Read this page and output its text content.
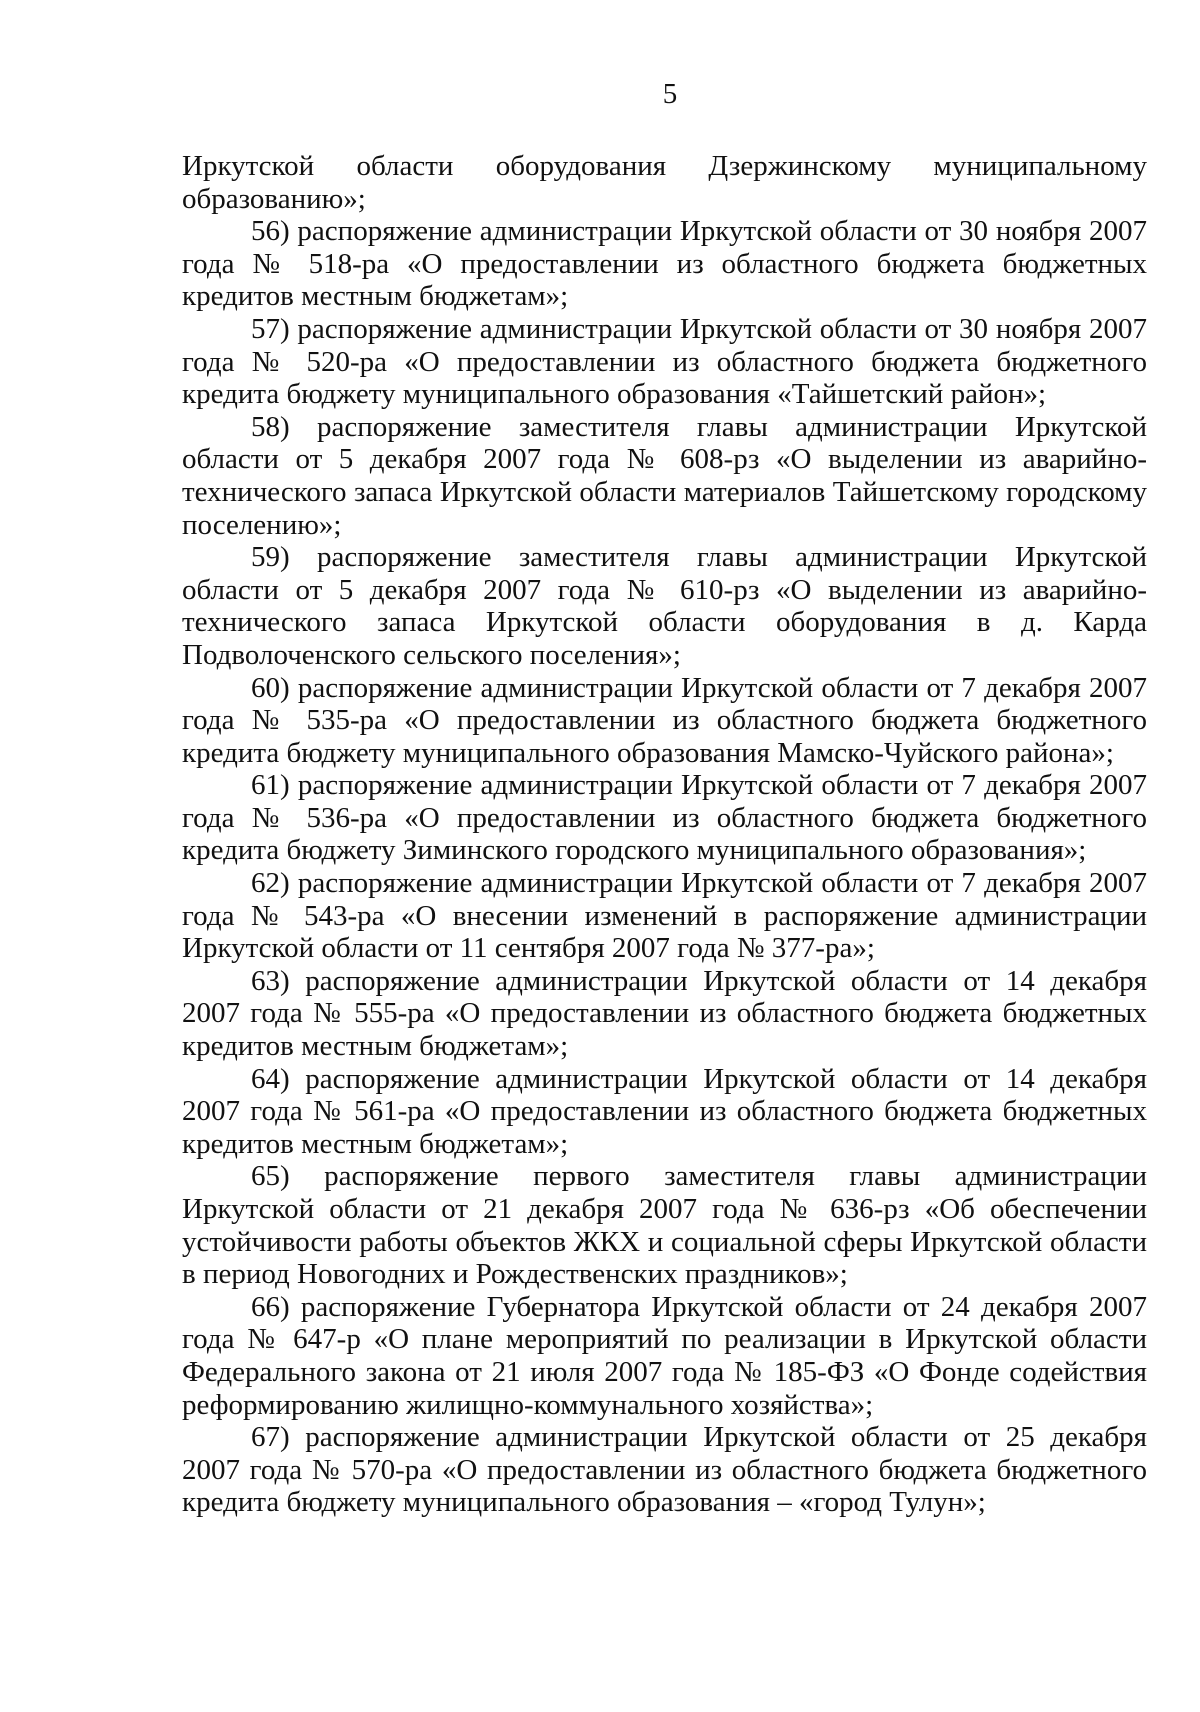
5

Иркутской области оборудования Дзержинскому муниципальному образованию»;

56) распоряжение администрации Иркутской области от 30 ноября 2007 года № 518-ра «О предоставлении из областного бюджета бюджетных кредитов местным бюджетам»;

57) распоряжение администрации Иркутской области от 30 ноября 2007 года № 520-ра «О предоставлении из областного бюджета бюджетного кредита бюджету муниципального образования «Тайшетский район»;

58) распоряжение заместителя главы администрации Иркутской области от 5 декабря 2007 года № 608-рз «О выделении из аварийно-технического запаса Иркутской области материалов Тайшетскому городскому поселению»;

59) распоряжение заместителя главы администрации Иркутской области от 5 декабря 2007 года № 610-рз «О выделении из аварийно-технического запаса Иркутской области оборудования в д. Карда Подволоченского сельского поселения»;

60) распоряжение администрации Иркутской области от 7 декабря 2007 года № 535-ра «О предоставлении из областного бюджета бюджетного кредита бюджету муниципального образования Мамско-Чуйского района»;

61) распоряжение администрации Иркутской области от 7 декабря 2007 года № 536-ра «О предоставлении из областного бюджета бюджетного кредита бюджету Зиминского городского муниципального образования»;

62) распоряжение администрации Иркутской области от 7 декабря 2007 года № 543-ра «О внесении изменений в распоряжение администрации Иркутской области от 11 сентября 2007 года № 377-ра»;

63) распоряжение администрации Иркутской области от 14 декабря 2007 года № 555-ра «О предоставлении из областного бюджета бюджетных кредитов местным бюджетам»;

64) распоряжение администрации Иркутской области от 14 декабря 2007 года № 561-ра «О предоставлении из областного бюджета бюджетных кредитов местным бюджетам»;

65) распоряжение первого заместителя главы администрации Иркутской области от 21 декабря 2007 года № 636-рз «Об обеспечении устойчивости работы объектов ЖКХ и социальной сферы Иркутской области в период Новогодних и Рождественских праздников»;

66) распоряжение Губернатора Иркутской области от 24 декабря 2007 года № 647-р «О плане мероприятий по реализации в Иркутской области Федерального закона от 21 июля 2007 года № 185-ФЗ «О Фонде содействия реформированию жилищно-коммунального хозяйства»;

67) распоряжение администрации Иркутской области от 25 декабря 2007 года № 570-ра «О предоставлении из областного бюджета бюджетного кредита бюджету муниципального образования – «город Тулун»;
